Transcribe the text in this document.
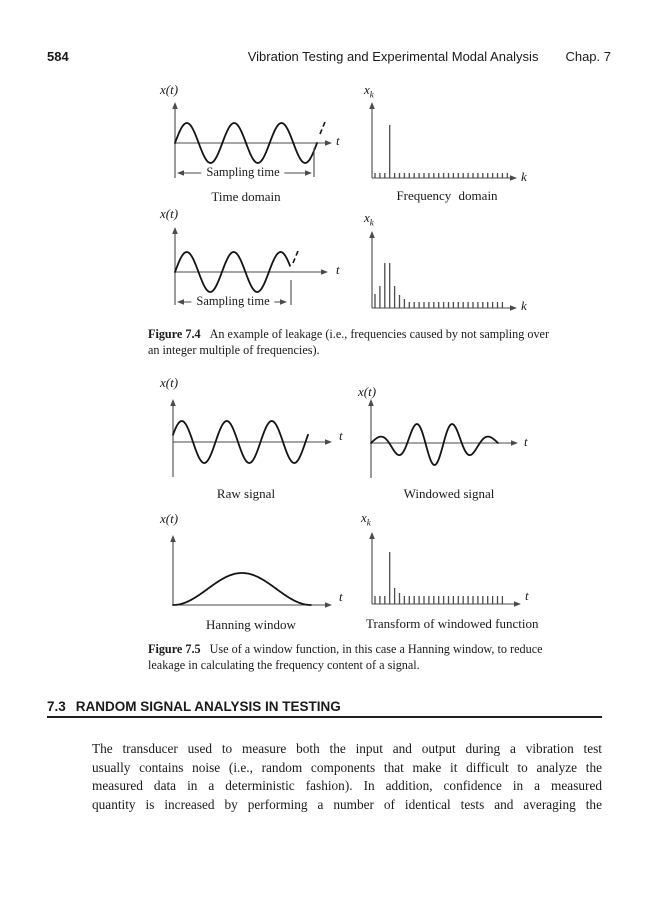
584	Vibration Testing and Experimental Modal Analysis Chap. 7
x(t)
t
Sampling time
Time domain
$x_k$
k
Frequency domain
x(t)
t
Sampling time
$x_k$
k
Figure 7.4 An example of leakage (i.e., frequencies caused by not sampling over
an integer multiple of frequencies).
x(t)
t
Raw signal
x(t)
t
Windowed signal
x(t)
t
Hanning window
$x_k$
t
Transform of windowed function
Figure 7.5 Use of a window function, in this case a Hanning window, to reduce
leakage in calculating the frequency content of a signal.
7.3 RANDOM SIGNAL ANALYSIS IN TESTING
The transducer used to measure both the input and output during a vibration test
usually contains noise (i.e., random components that make it difficult to analyze the
measured data in a deterministic fashion). In addition, confidence in a measured
quantity is increased by performing a number of identical tests and averaging the
